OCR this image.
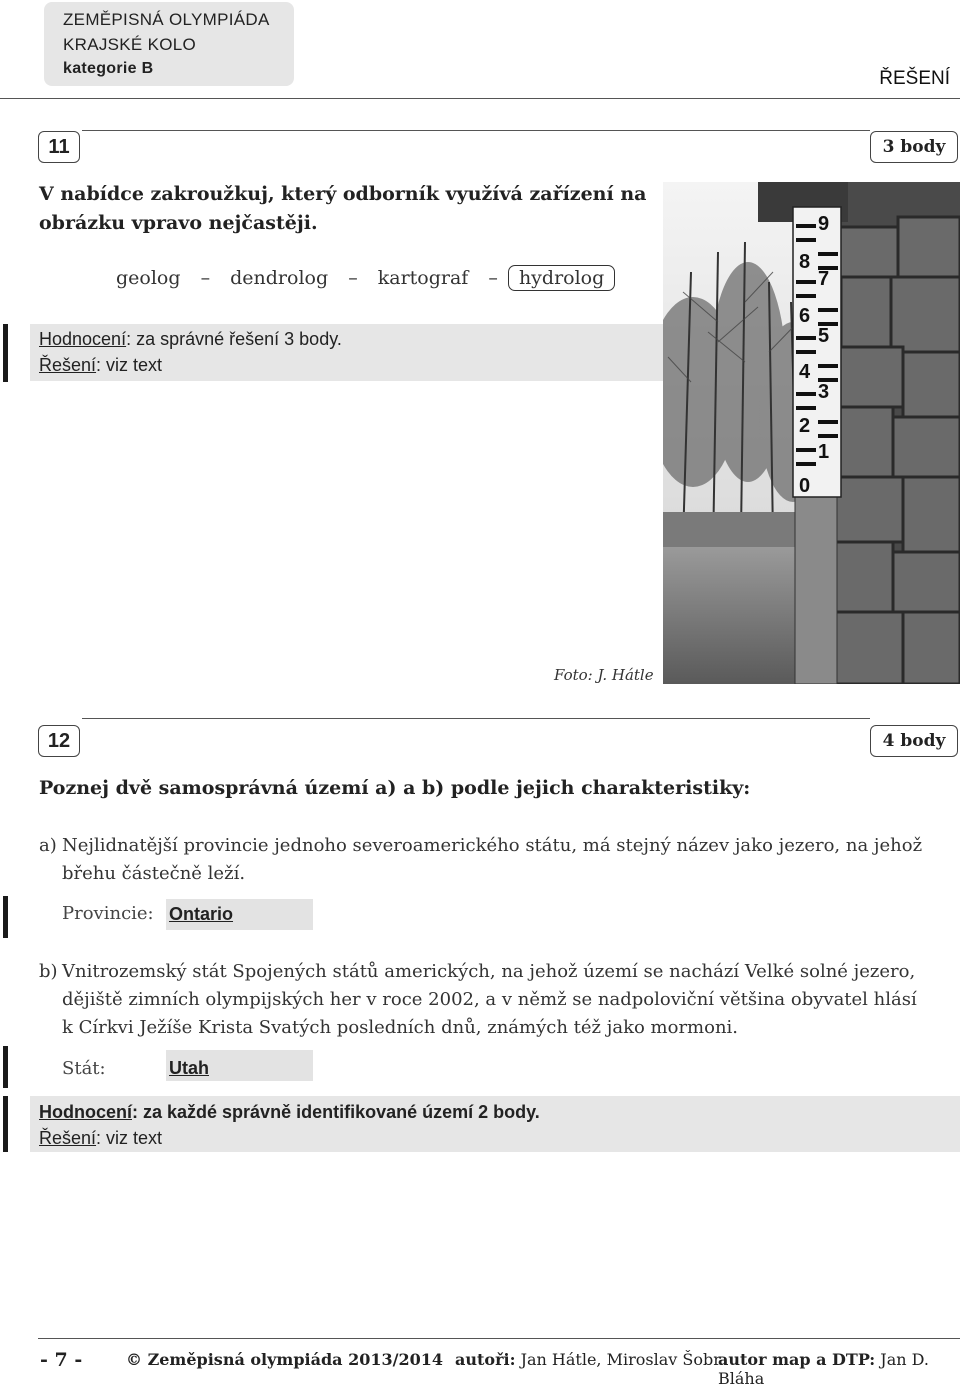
ZEMĚPISNÁ OLYMPIÁDA
KRAJSKÉ KOLO
kategorie B	ŘEŠENÍ
11	3 body
V nabídce zakroužkuj, který odborník využívá zařízení na
obrázku vpravo nejčastěji.
geolog – dendrolog – kartograf – hydrolog
Hodnocení: za správné řešení 3 body.
Řešení: viz text
9
8
7
6
5
4
3
2
1
0
Foto: J. Hátle
12	4 body
Poznej dvě samosprávná území a) a b) podle jejich charakteristiky:
a) Nejlidnatější provincie jednoho severoamerického státu, má stejný název jako jezero, na jehož
břehu částečně leží.
Provincie: Ontario
b) Vnitrozemský stát Spojených států amerických, na jehož území se nachází Velké solné jezero,
dějiště zimních olympijských her v roce 2002, a v němž se nadpoloviční většina obyvatel hlásí
k Církvi Ježíše Krista Svatých posledních dnů, známých též jako mormoni.
Stát:	Utah
Hodnocení: za každé správně identifikované území 2 body.
Řešení: viz text
- 7 -	© Zeměpisná olympiáda 2013/2014 autoři: Jan Hátle, Miroslav Šobr
autor map a DTP: Jan D. Bláha
